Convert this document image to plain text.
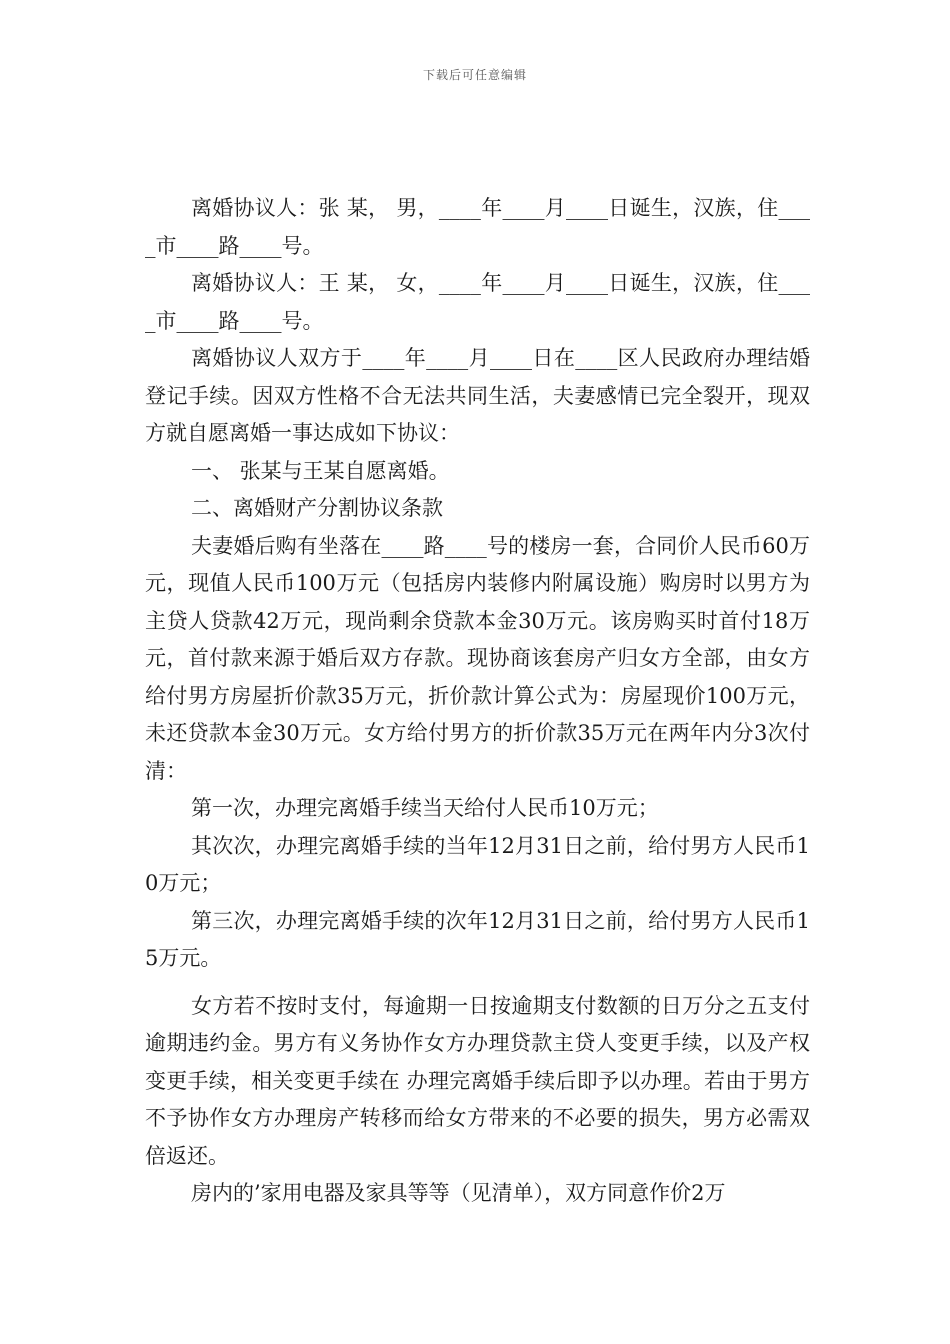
下载后可任意编辑

离婚协议人：张 某， 男，____年____月____日诞生，汉族，住____市____路____号。

离婚协议人：王 某， 女，____年____月____日诞生，汉族，住____市____路____号。

离婚协议人双方于____年____月____日在____区人民政府办理结婚登记手续。因双方性格不合无法共同生活，夫妻感情已完全裂开，现双方就自愿离婚一事达成如下协议：

一、 张某与王某自愿离婚。

二、离婚财产分割协议条款

夫妻婚后购有坐落在____路____号的楼房一套，合同价人民币60万元，现值人民币100万元（包括房内装修内附属设施）购房时以男方为主贷人贷款42万元，现尚剩余贷款本金30万元。该房购买时首付18万元，首付款来源于婚后双方存款。现协商该套房产归女方全部，由女方给付男方房屋折价款35万元，折价款计算公式为：房屋现价100万元，未还贷款本金30万元。女方给付男方的折价款35万元在两年内分3次付清：

第一次，办理完离婚手续当天给付人民币10万元；

其次次，办理完离婚手续的当年12月31日之前，给付男方人民币10万元；

第三次，办理完离婚手续的次年12月31日之前，给付男方人民币15万元。

女方若不按时支付，每逾期一日按逾期支付数额的日万分之五支付逾期违约金。男方有义务协作女方办理贷款主贷人变更手续，以及产权变更手续，相关变更手续在 办理完离婚手续后即予以办理。若由于男方不予协作女方办理房产转移而给女方带来的不必要的损失，男方必需双倍返还。

房内的’家用电器及家具等等（见清单），双方同意作价2万
